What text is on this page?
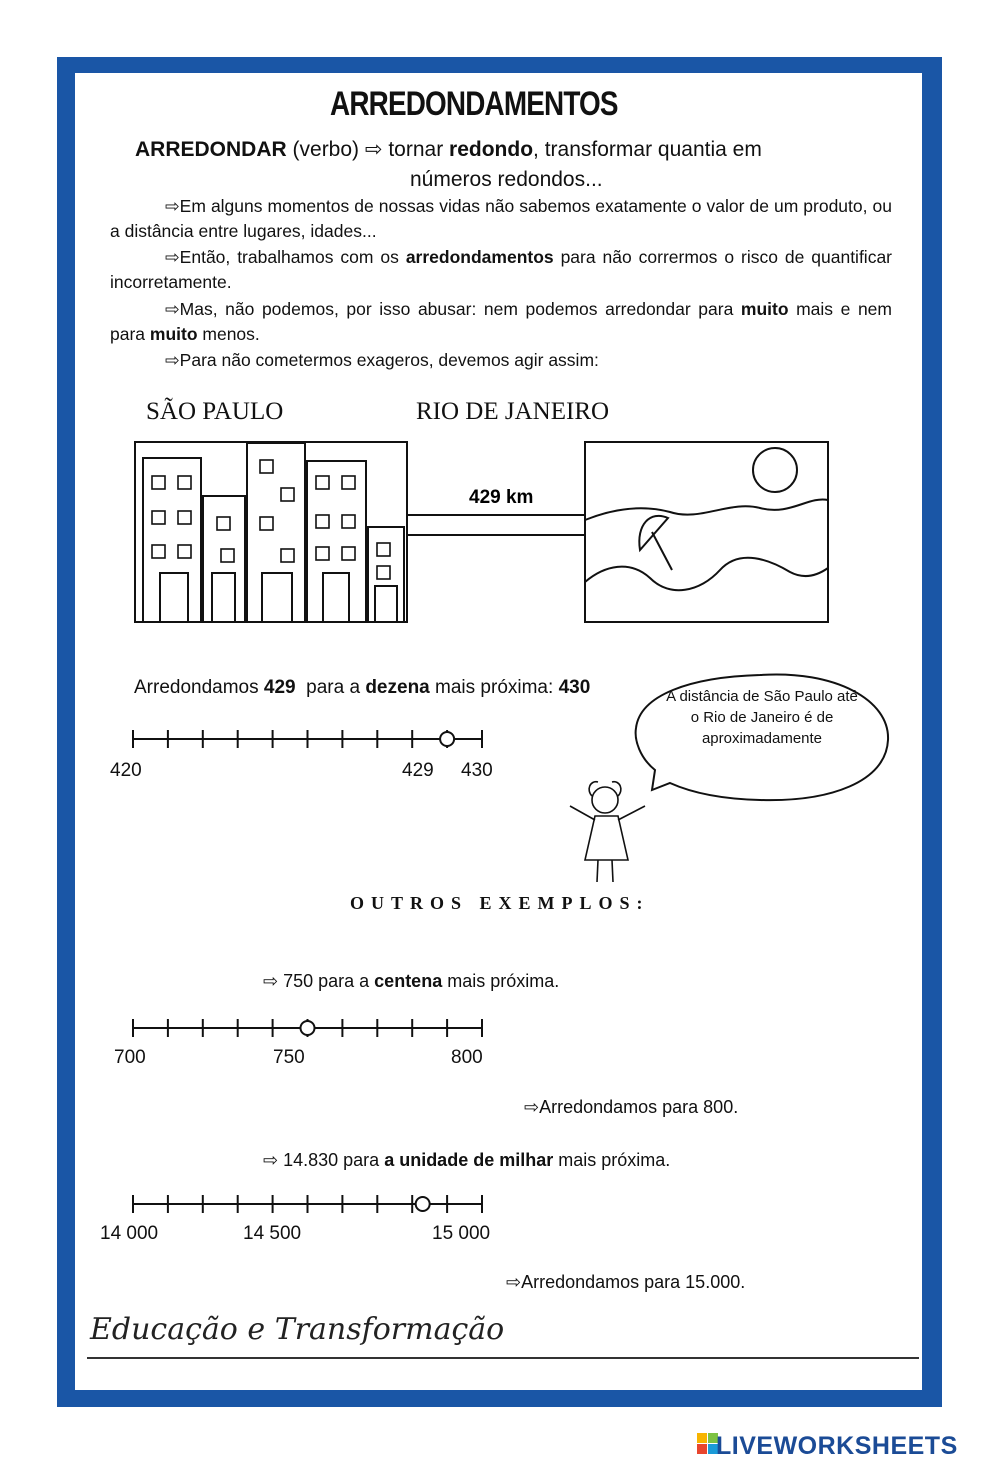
ARREDONDAMENTOS
ARREDONDAR (verbo) ⇨ tornar redondo, transformar quantia em
números redondos...

⇨Em alguns momentos de nossas vidas não sabemos exatamente o valor de um produto, ou a distância entre lugares, idades...

⇨Então, trabalhamos com os arredondamentos para não corrermos o risco de quantificar incorretamente.

⇨Mas, não podemos, por isso abusar: nem podemos arredondar para muito mais e nem para muito menos.

⇨Para não cometermos exageros, devemos agir assim:

SÃO PAULO	RIO DE JANEIRO
429 km
Arredondamos 429  para a dezena mais próxima: 430	A distância de São Paulo até o Rio de Janeiro é de aproximadamente
420	429 430
OUTROS EXEMPLOS:
⇨ 750 para a centena mais próxima.
700	750	800
⇨Arredondamos para 800.
⇨ 14.830 para a unidade de milhar mais próxima.
14 000	14 500	15 000
⇨Arredondamos para 15.000.
Educação e Transformação
LIVEWORKSHEETS
